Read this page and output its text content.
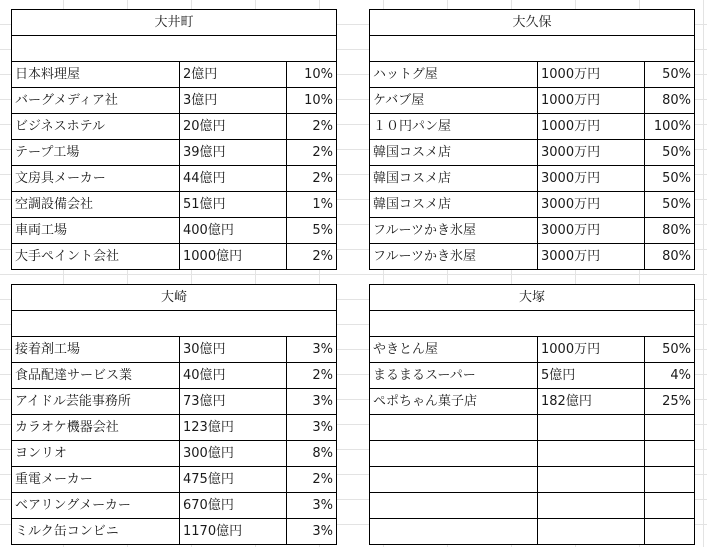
大井町
日本料理屋	2億円	10%
バーグメディア社	3億円	10%
ビジネスホテル	20億円	2%
テープ工場	39億円	2%
文房具メーカー	44億円	2%
空調設備会社	51億円	1%
車両工場	400億円	5%
大手ペイント会社	1000億円	2%
大久保
ハットグ屋	1000万円	50%
ケバブ屋	1000万円	80%
１０円パン屋	1000万円	100%
韓国コスメ店	3000万円	50%
韓国コスメ店	3000万円	50%
韓国コスメ店	3000万円	50%
フルーツかき氷屋	3000万円	80%
フルーツかき氷屋	3000万円	80%
大崎
接着剤工場	30億円	3%
食品配達サービス業	40億円	2%
アイドル芸能事務所	73億円	3%
カラオケ機器会社	123億円	3%
ヨンリオ	300億円	8%
重電メーカー	475億円	2%
ベアリングメーカー	670億円	3%
ミルク缶コンビニ	1170億円	3%
大塚
やきとん屋	1000万円	50%
まるまるスーパー	5億円	4%
ペポちゃん菓子店	182億円	25%
